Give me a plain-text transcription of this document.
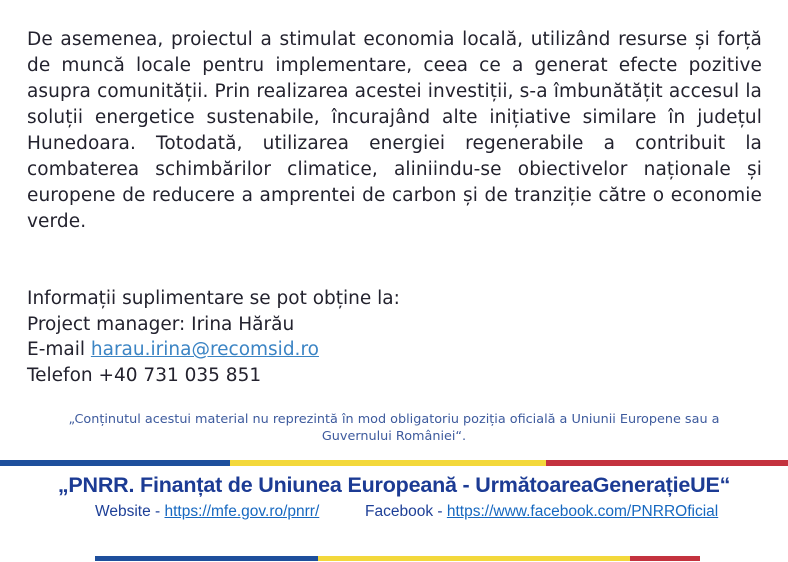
De asemenea, proiectul a stimulat economia locală, utilizând resurse și forță de muncă locale pentru implementare, ceea ce a generat efecte pozitive asupra comunității. Prin realizarea acestei investiții, s-a îmbunătățit accesul la soluții energetice sustenabile, încurajând alte inițiative similare în județul Hunedoara. Totodată, utilizarea energiei regenerabile a contribuit la combaterea schimbărilor climatice, aliniindu-se obiectivelor naționale și europene de reducere a amprentei de carbon și de tranziție către o economie verde.

Informații suplimentare se pot obține la:
Project manager: Irina Hărău
E-mail harau.irina@recomsid.ro
Telefon +40 731 035 851
„Conținutul acestui material nu reprezintă în mod obligatoriu poziția oficială a Uniunii Europene sau a Guvernului României“.
„PNRR. Finanțat de Uniunea Europeană - UrmătoareaGenerațieUE“
Website - https://mfe.gov.ro/pnrr/	Facebook - https://www.facebook.com/PNRROficial
